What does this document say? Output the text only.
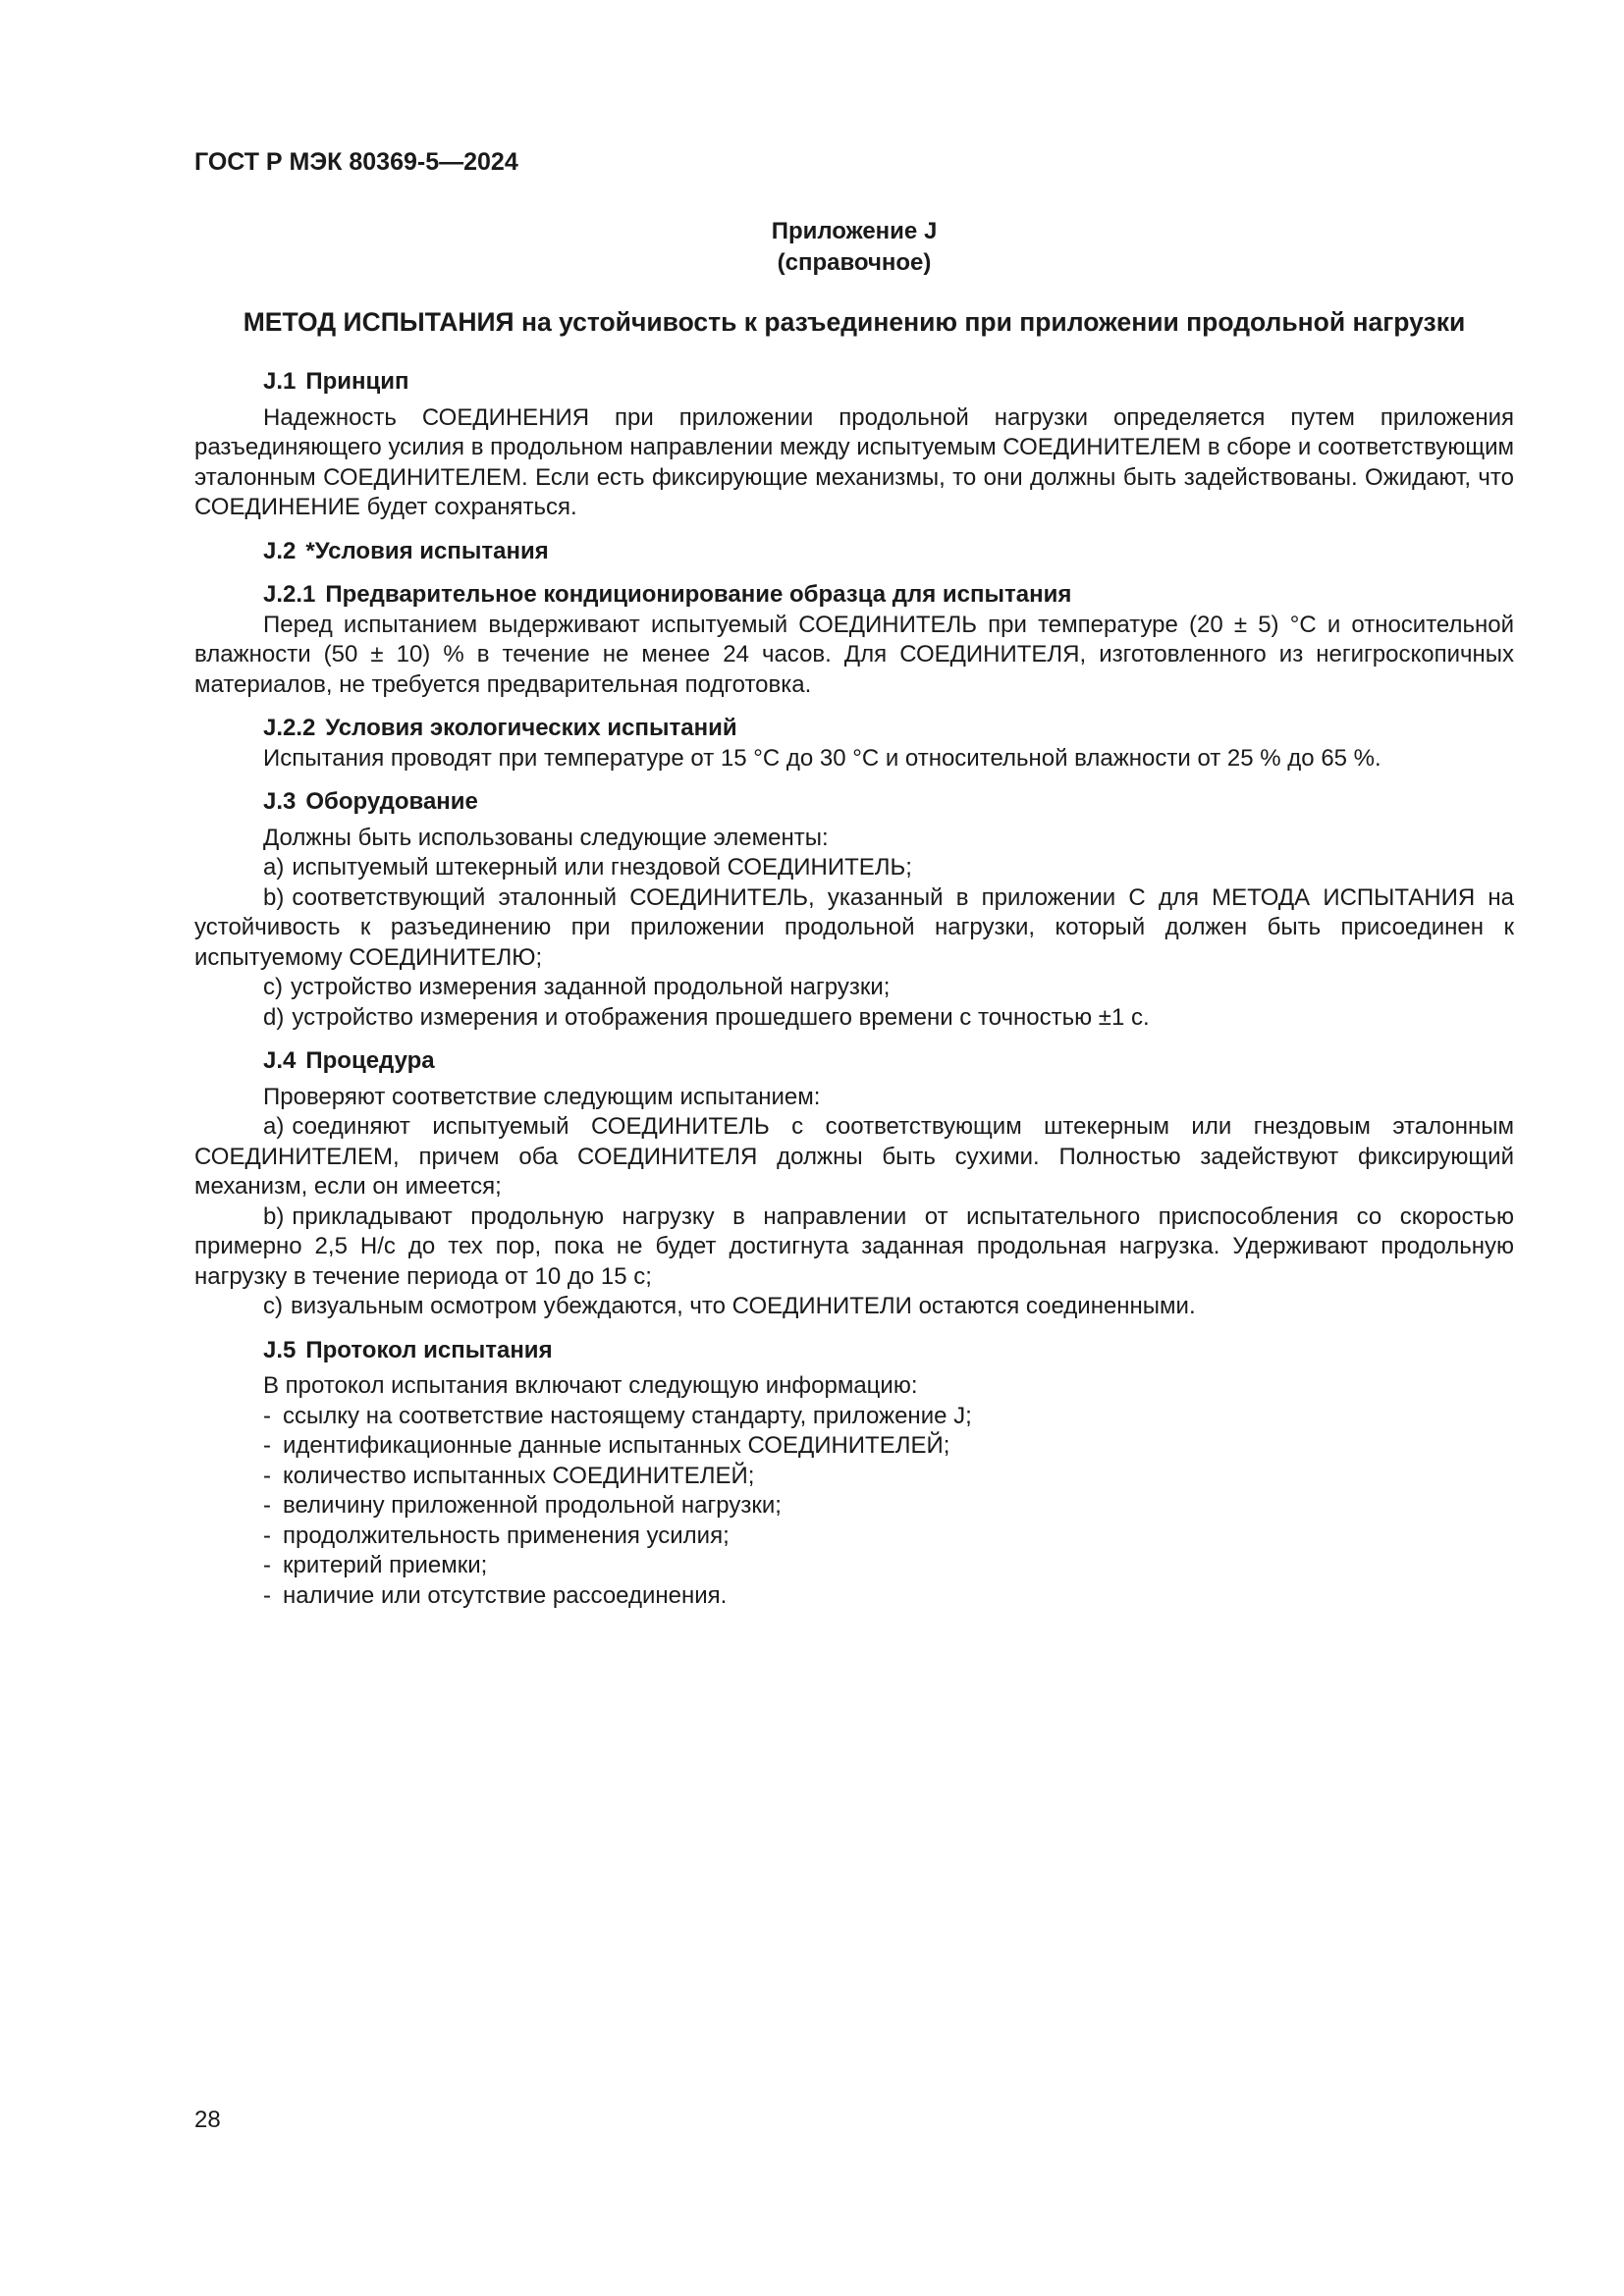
ГОСТ Р МЭК 80369-5—2024
Приложение J
(справочное)
МЕТОД ИСПЫТАНИЯ на устойчивость к разъединению при приложении продольной нагрузки
J.1 Принцип

Надежность СОЕДИНЕНИЯ при приложении продольной нагрузки определяется путем приложения разъединяющего усилия в продольном направлении между испытуемым СОЕДИНИТЕЛЕМ в сборе и соответствующим эталонным СОЕДИНИТЕЛЕМ. Если есть фиксирующие механизмы, то они должны быть задействованы. Ожидают, что СОЕДИНЕНИЕ будет сохраняться.

J.2 *Условия испытания
J.2.1 Предварительное кондиционирование образца для испытания

Перед испытанием выдерживают испытуемый СОЕДИНИТЕЛЬ при температуре (20 ± 5) °С и относительной влажности (50 ± 10) % в течение не менее 24 часов. Для СОЕДИНИТЕЛЯ, изготовленного из негигроскопичных материалов, не требуется предварительная подготовка.

J.2.2 Условия экологических испытаний

Испытания проводят при температуре от 15 °С до 30 °С и относительной влажности от 25 % до 65 %.

J.3 Оборудование

Должны быть использованы следующие элементы:

a) испытуемый штекерный или гнездовой СОЕДИНИТЕЛЬ;
b) соответствующий эталонный СОЕДИНИТЕЛЬ, указанный в приложении С для МЕТОДА ИСПЫТАНИЯ на устойчивость к разъединению при приложении продольной нагрузки, который должен быть присоединен к испытуемому СОЕДИНИТЕЛЮ;
c) устройство измерения заданной продольной нагрузки;
d) устройство измерения и отображения прошедшего времени с точностью ±1 с.
J.4 Процедура

Проверяют соответствие следующим испытанием:

a) соединяют испытуемый СОЕДИНИТЕЛЬ с соответствующим штекерным или гнездовым эталонным СОЕДИНИТЕЛЕМ, причем оба СОЕДИНИТЕЛЯ должны быть сухими. Полностью задействуют фиксирующий механизм, если он имеется;
b) прикладывают продольную нагрузку в направлении от испытательного приспособления со скоростью примерно 2,5 Н/с до тех пор, пока не будет достигнута заданная продольная нагрузка. Удерживают продольную нагрузку в течение периода от 10 до 15 с;
c) визуальным осмотром убеждаются, что СОЕДИНИТЕЛИ остаются соединенными.
J.5 Протокол испытания

В протокол испытания включают следующую информацию:

- ссылку на соответствие настоящему стандарту, приложение J;
- идентификационные данные испытанных СОЕДИНИТЕЛЕЙ;
- количество испытанных СОЕДИНИТЕЛЕЙ;
- величину приложенной продольной нагрузки;
- продолжительность применения усилия;
- критерий приемки;
- наличие или отсутствие рассоединения.
28
